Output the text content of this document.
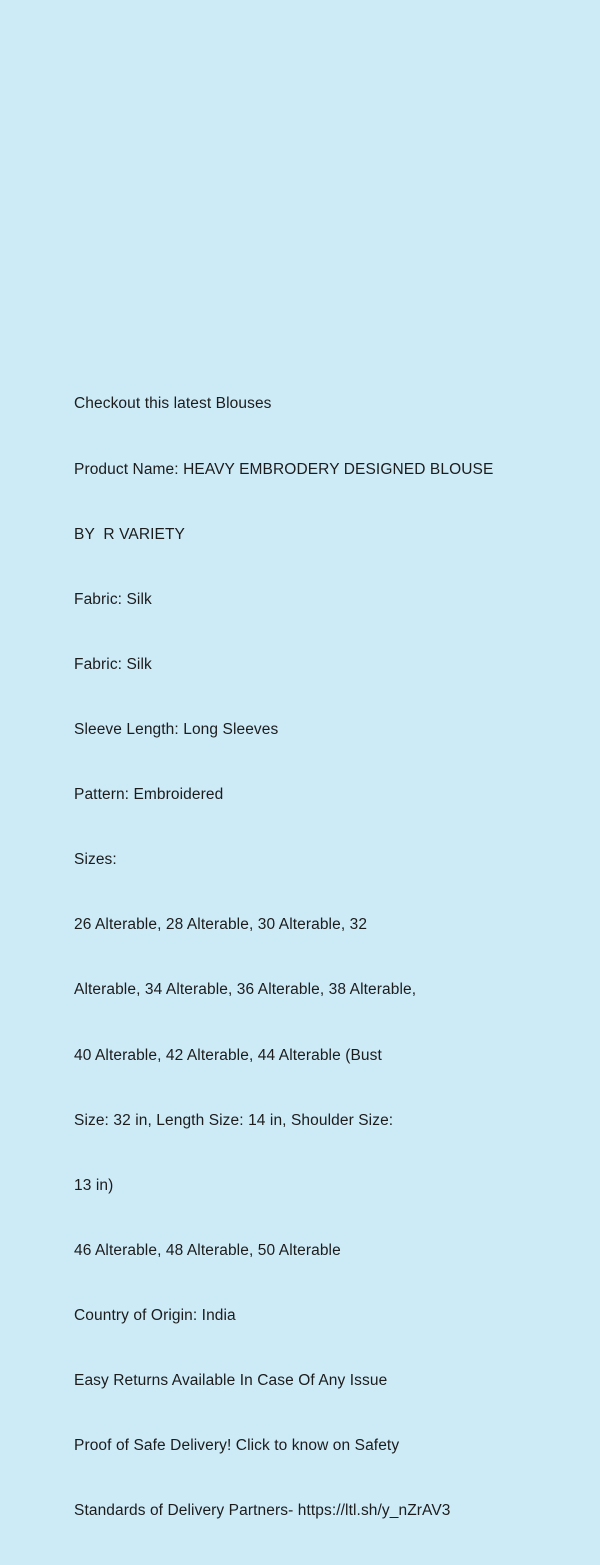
Checkout this latest Blouses

Product Name: HEAVY EMBRODERY DESIGNED BLOUSE

BY  R VARIETY

Fabric: Silk

Fabric: Silk

Sleeve Length: Long Sleeves

Pattern: Embroidered

Sizes:

26 Alterable, 28 Alterable, 30 Alterable, 32

Alterable, 34 Alterable, 36 Alterable, 38 Alterable,

40 Alterable, 42 Alterable, 44 Alterable (Bust

Size: 32 in, Length Size: 14 in, Shoulder Size:

13 in)

46 Alterable, 48 Alterable, 50 Alterable

Country of Origin: India

Easy Returns Available In Case Of Any Issue

Proof of Safe Delivery! Click to know on Safety

Standards of Delivery Partners- https://ltl.sh/y_nZrAV3
